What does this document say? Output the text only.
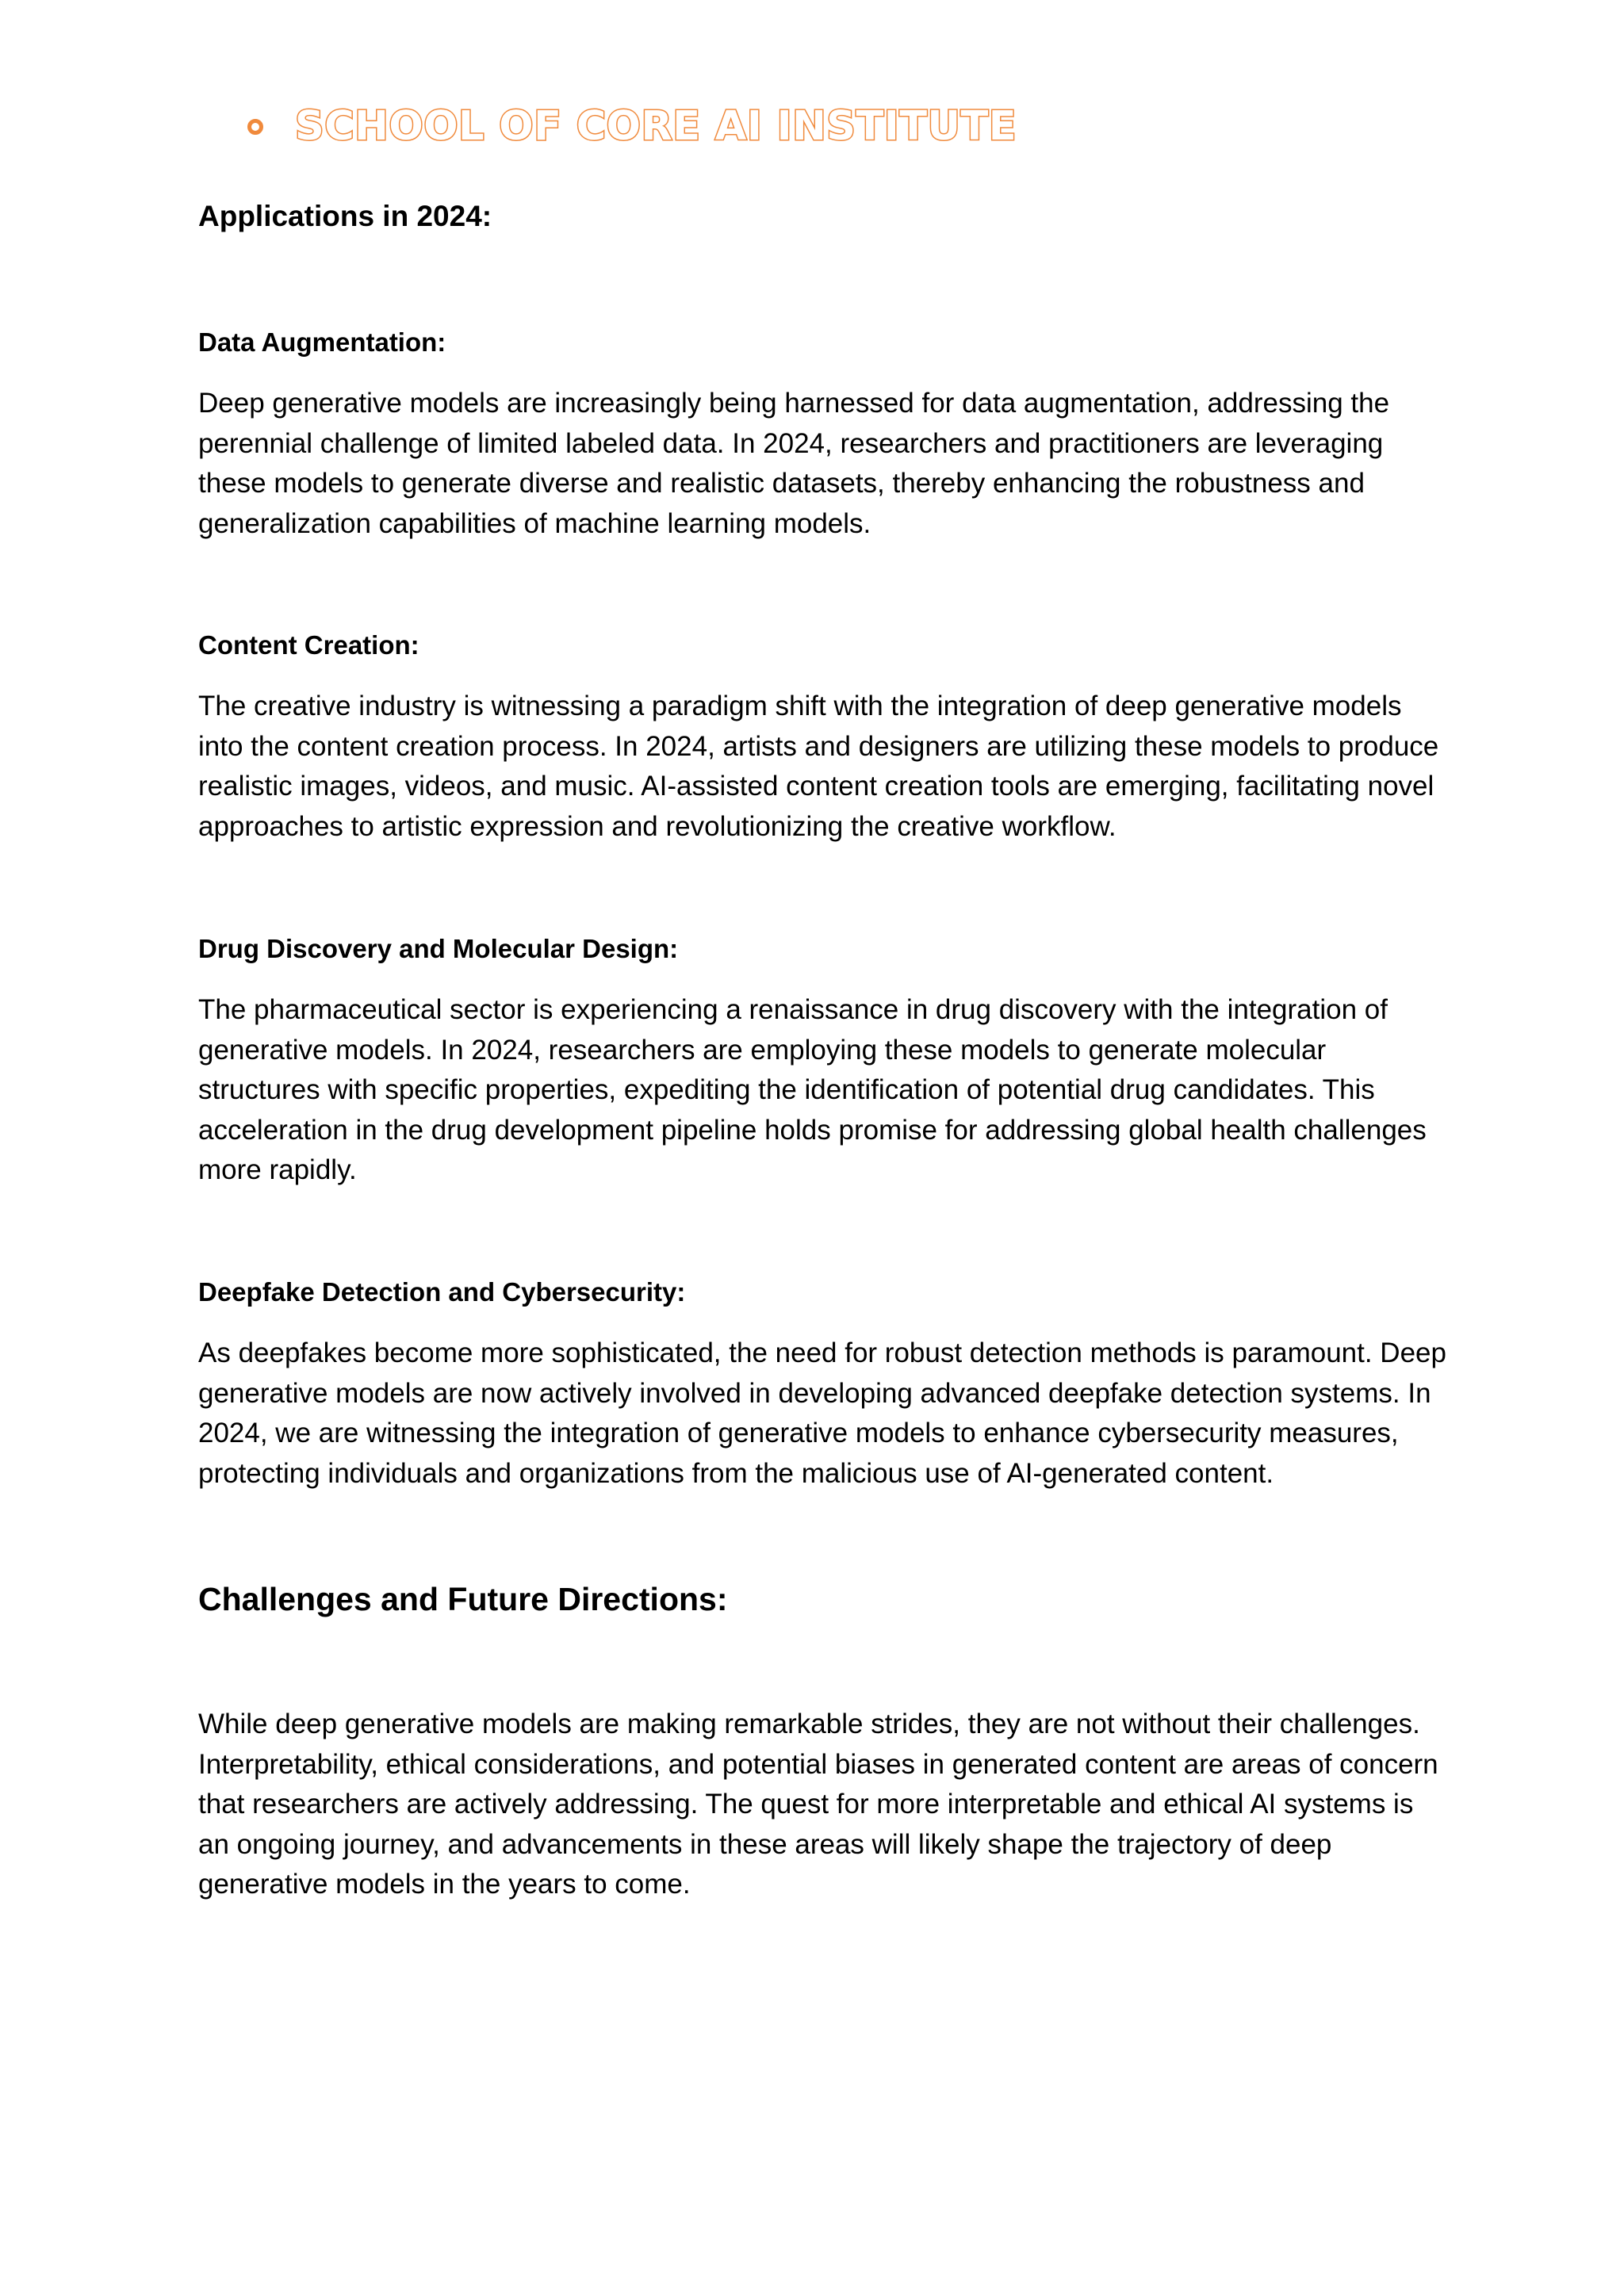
SCHOOL OF CORE AI INSTITUTE
Applications in 2024:
Data Augmentation:

Deep generative models are increasingly being harnessed for data augmentation, addressing the perennial challenge of limited labeled data. In 2024, researchers and practitioners are leveraging these models to generate diverse and realistic datasets, thereby enhancing the robustness and generalization capabilities of machine learning models.

Content Creation:

The creative industry is witnessing a paradigm shift with the integration of deep generative models into the content creation process. In 2024, artists and designers are utilizing these models to produce realistic images, videos, and music. AI-assisted content creation tools are emerging, facilitating novel approaches to artistic expression and revolutionizing the creative workflow.

Drug Discovery and Molecular Design:

The pharmaceutical sector is experiencing a renaissance in drug discovery with the integration of generative models. In 2024, researchers are employing these models to generate molecular structures with specific properties, expediting the identification of potential drug candidates. This acceleration in the drug development pipeline holds promise for addressing global health challenges more rapidly.

Deepfake Detection and Cybersecurity:

As deepfakes become more sophisticated, the need for robust detection methods is paramount. Deep generative models are now actively involved in developing advanced deepfake detection systems. In 2024, we are witnessing the integration of generative models to enhance cybersecurity measures, protecting individuals and organizations from the malicious use of AI-generated content.

Challenges and Future Directions:

While deep generative models are making remarkable strides, they are not without their challenges. Interpretability, ethical considerations, and potential biases in generated content are areas of concern that researchers are actively addressing. The quest for more interpretable and ethical AI systems is an ongoing journey, and advancements in these areas will likely shape the trajectory of deep generative models in the years to come.
